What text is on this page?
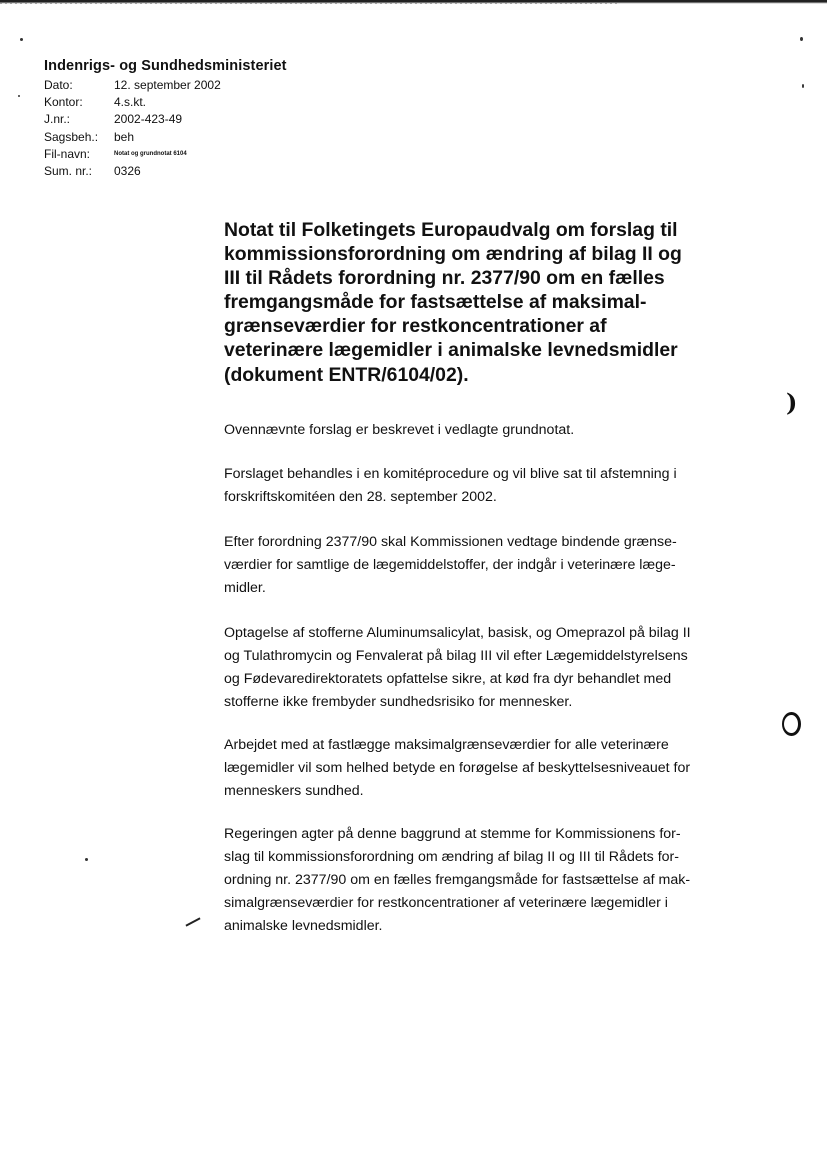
Indenrigs- og Sundhedsministeriet
Dato:	12. september 2002
Kontor:	4.s.kt.
J.nr.:	2002-423-49
Sagsbeh.:	beh
Fil-navn:	Notat og grundnotat 6104
Sum. nr.:	0326
Notat til Folketingets Europaudvalg om forslag til
kommissionsforordning om ændring af bilag II og
III til Rådets forordning nr. 2377/90 om en fælles
fremgangsmåde for fastsættelse af maksimal-
grænseværdier for restkoncentrationer af
veterinære lægemidler i animalske levnedsmidler
(dokument ENTR/6104/02).

Ovennævnte forslag er beskrevet i vedlagte grundnotat.

Forslaget behandles i en komitéprocedure og vil blive sat til afstemning i
forskriftskomitéen den 28. september 2002.

Efter forordning 2377/90 skal Kommissionen vedtage bindende grænse-
værdier for samtlige de lægemiddelstoffer, der indgår i veterinære læge-
midler.

Optagelse af stofferne Aluminumsalicylat, basisk, og Omeprazol på bilag II
og Tulathromycin og Fenvalerat på bilag III vil efter Lægemiddelstyrelsens
og Fødevaredirektoratets opfattelse sikre, at kød fra dyr behandlet med
stofferne ikke frembyder sundhedsrisiko for mennesker.

Arbejdet med at fastlægge maksimalgrænseværdier for alle veterinære
lægemidler vil som helhed betyde en forøgelse af beskyttelsesniveauet for
menneskers sundhed.

Regeringen agter på denne baggrund at stemme for Kommissionens for-
slag til kommissionsforordning om ændring af bilag II og III til Rådets for-
ordning nr. 2377/90 om en fælles fremgangsmåde for fastsættelse af mak-
simalgrænseværdier for restkoncentrationer af veterinære lægemidler i
animalske levnedsmidler.

)
